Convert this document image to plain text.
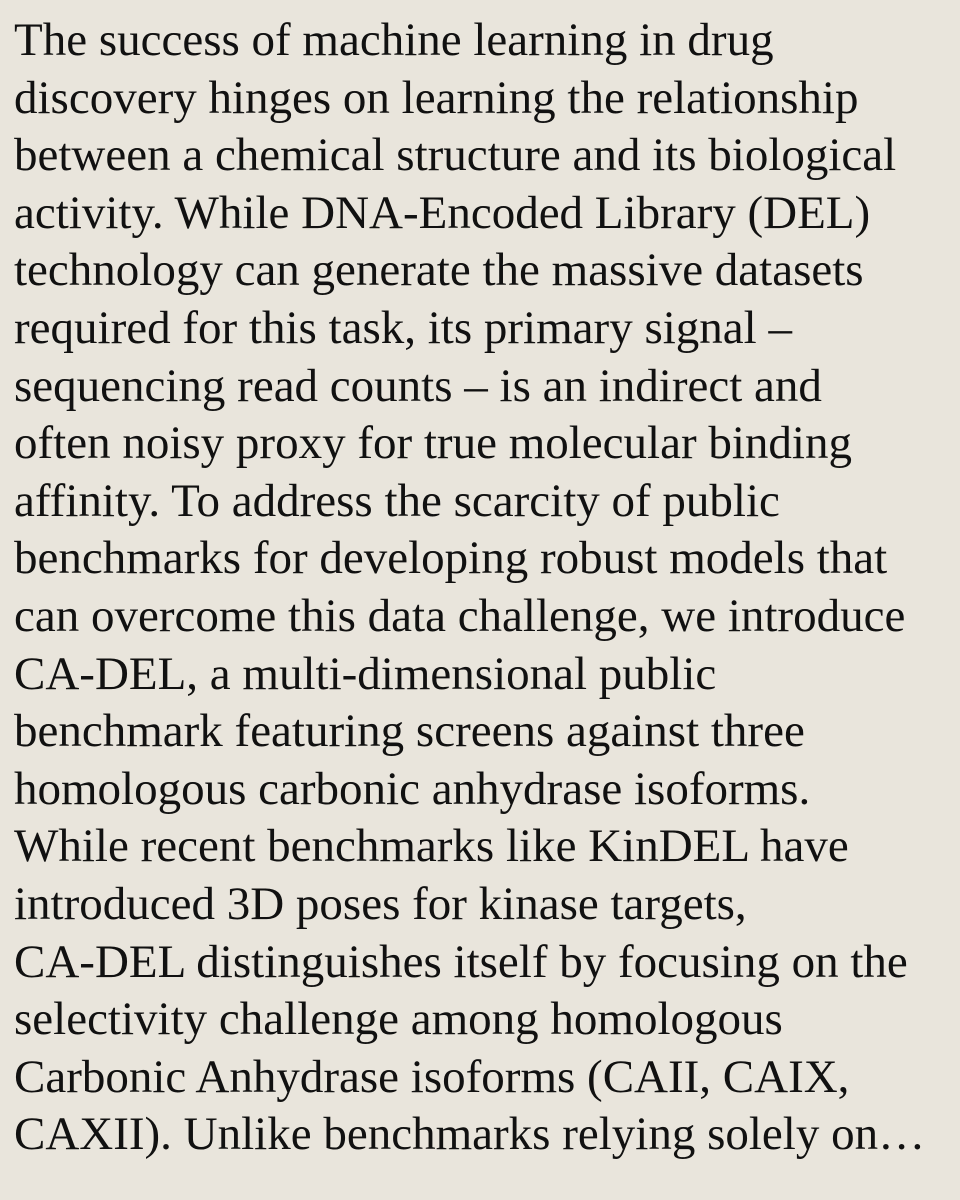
The success of machine learning in drug
discovery hinges on learning the relationship
between a chemical structure and its biological
activity. While DNA-Encoded Library (DEL)
technology can generate the massive datasets
required for this task, its primary signal –
sequencing read counts – is an indirect and
often noisy proxy for true molecular binding
affinity. To address the scarcity of public
benchmarks for developing robust models that
can overcome this data challenge, we introduce
CA-DEL, a multi-dimensional public
benchmark featuring screens against three
homologous carbonic anhydrase isoforms.
While recent benchmarks like KinDEL have
introduced 3D poses for kinase targets,
CA-DEL distinguishes itself by focusing on the
selectivity challenge among homologous
Carbonic Anhydrase isoforms (CAII, CAIX,
CAXII). Unlike benchmarks relying solely on…
